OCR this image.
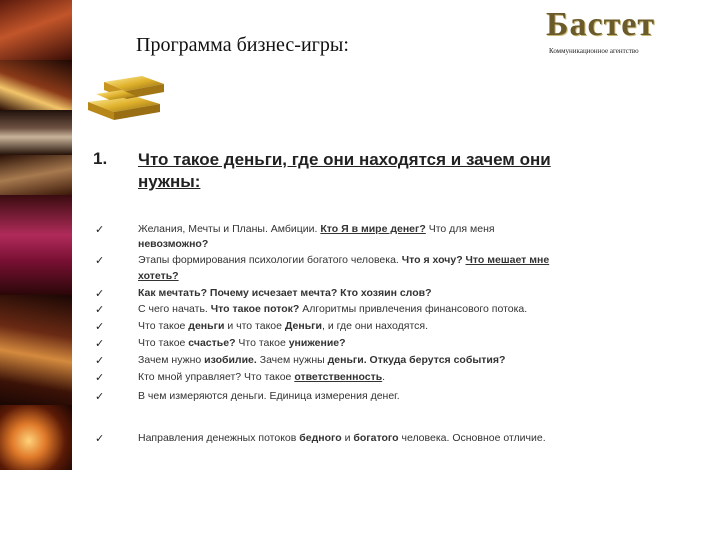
Программа бизнес-игры:
Бастет
Коммуникационное агентство
1. Что такое деньги, где они находятся и зачем они нужны:
Желания, Мечты и Планы. Амбиции. Кто Я в мире денег? Что для меня
✓
невозможно?
Этапы формирования психологии богатого человека. Что я хочу? Что мешает мне
✓
хотеть?
Как мечтать? Почему исчезает мечта? Кто хозяин слов?
✓
С чего начать. Что такое поток? Алгоритмы привлечения финансового потока.
✓
Что такое деньги и что такое Деньги, и где они находятся.
✓
Что такое счастье? Что такое унижение?
✓
Зачем нужно изобилие. Зачем нужны деньги. Откуда берутся события?
✓
Кто мной управляет? Что такое ответственность.
✓
В чем измеряются деньги. Единица измерения денег.
✓
Направления денежных потоков бедного и богатого человека. Основное отличие.
✓
